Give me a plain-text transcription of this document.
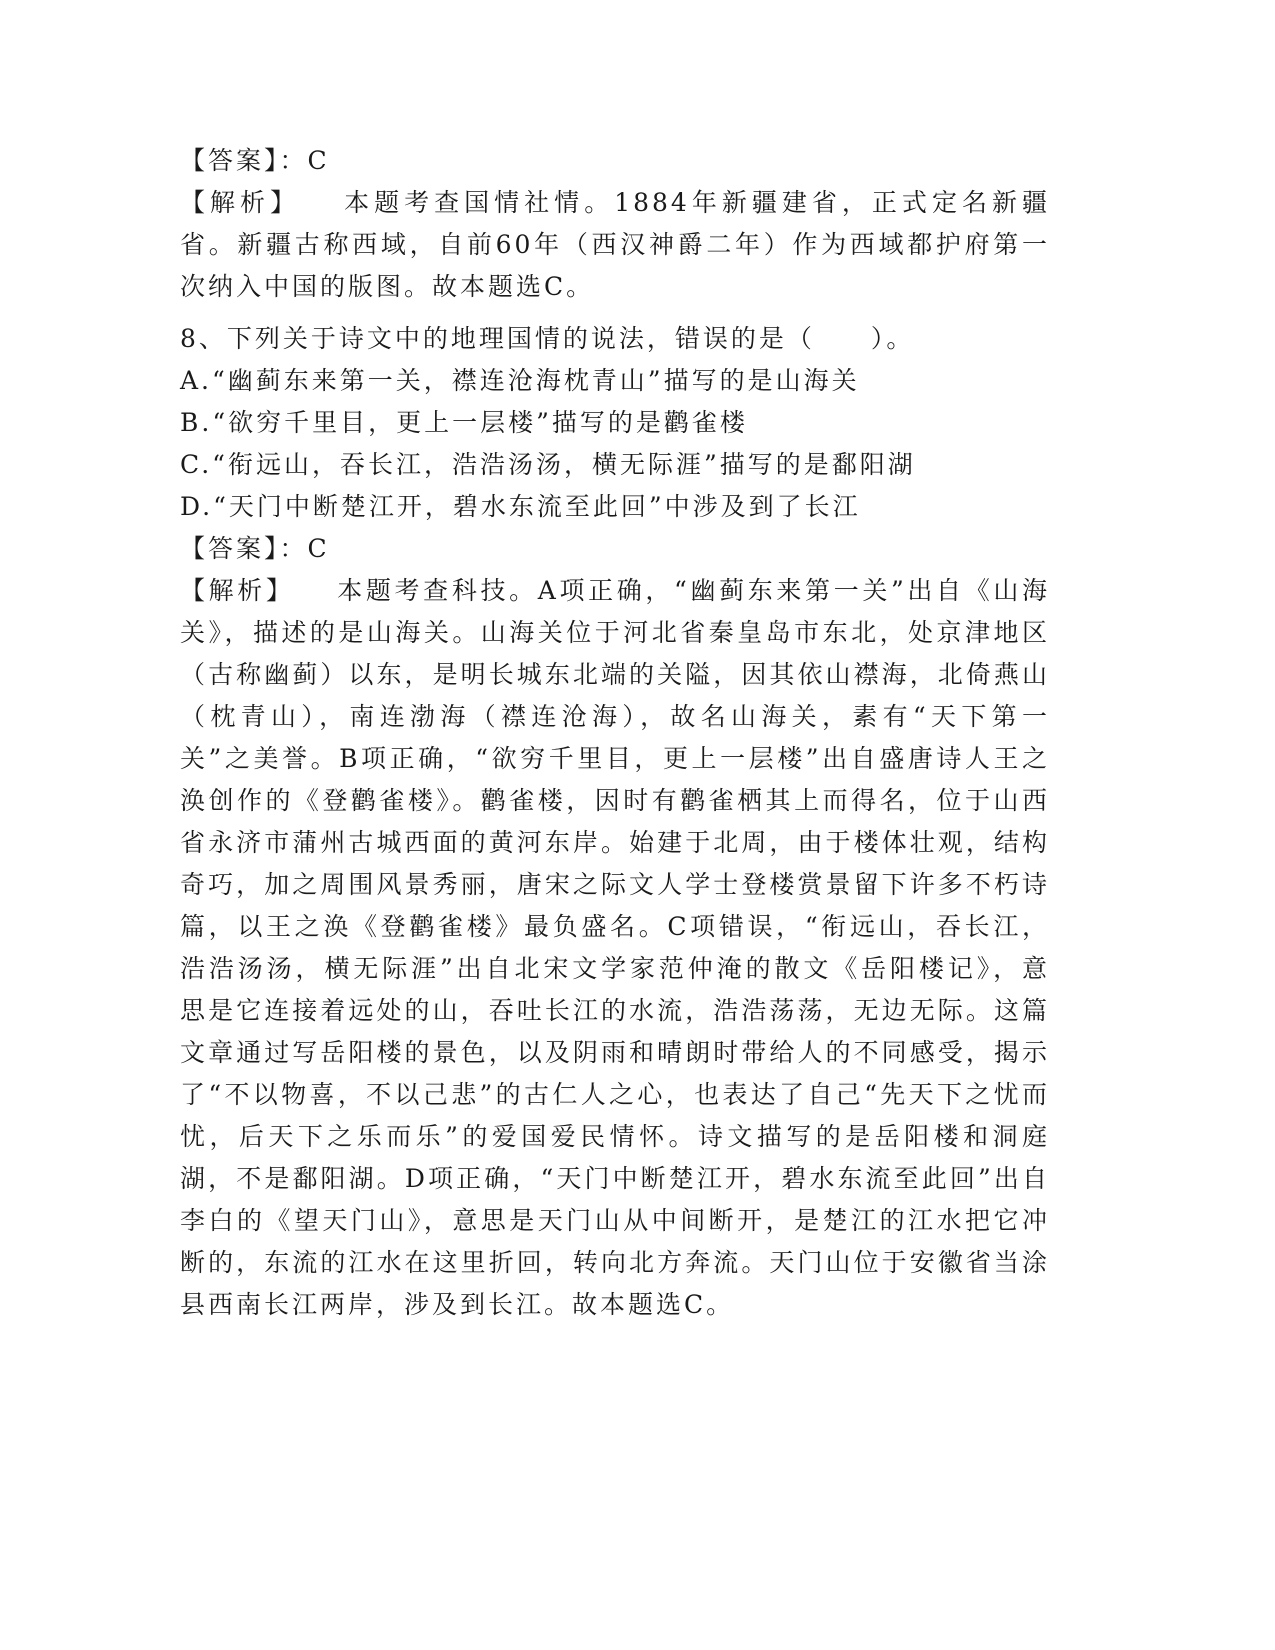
【答案】：C
【解析】 本题考查国情社情。1884年新疆建省，正式定名新疆省。新疆古称西域，自前60年（西汉神爵二年）作为西域都护府第一次纳入中国的版图。故本题选C。
8、下列关于诗文中的地理国情的说法，错误的是（　　）。
A.“幽蓟东来第一关，襟连沧海枕青山”描写的是山海关
B.“欲穷千里目，更上一层楼”描写的是鹳雀楼
C.“衔远山，吞长江，浩浩汤汤，横无际涯”描写的是鄱阳湖
D.“天门中断楚江开，碧水东流至此回”中涉及到了长江
【答案】：C
【解析】 本题考查科技。A项正确，“幽蓟东来第一关”出自《山海关》，描述的是山海关。山海关位于河北省秦皇岛市东北，处京津地区（古称幽蓟）以东，是明长城东北端的关隘，因其依山襟海，北倚燕山（枕青山），南连渤海（襟连沧海），故名山海关，素有“天下第一关”之美誉。B项正确，“欲穷千里目，更上一层楼”出自盛唐诗人王之涣创作的《登鹳雀楼》。鹳雀楼，因时有鹳雀栖其上而得名，位于山西省永济市蒲州古城西面的黄河东岸。始建于北周，由于楼体壮观，结构奇巧，加之周围风景秀丽，唐宋之际文人学士登楼赏景留下许多不朽诗篇，以王之涣《登鹳雀楼》最负盛名。C项错误，“衔远山，吞长江，浩浩汤汤，横无际涯”出自北宋文学家范仲淹的散文《岳阳楼记》，意思是它连接着远处的山，吞吐长江的水流，浩浩荡荡，无边无际。这篇文章通过写岳阳楼的景色，以及阴雨和晴朗时带给人的不同感受，揭示了“不以物喜，不以己悲”的古仁人之心，也表达了自己“先天下之忧而忧，后天下之乐而乐”的爱国爱民情怀。诗文描写的是岳阳楼和洞庭湖，不是鄱阳湖。D项正确，“天门中断楚江开，碧水东流至此回”出自李白的《望天门山》，意思是天门山从中间断开，是楚江的江水把它冲断的，东流的江水在这里折回，转向北方奔流。天门山位于安徽省当涂县西南长江两岸，涉及到长江。故本题选C。
